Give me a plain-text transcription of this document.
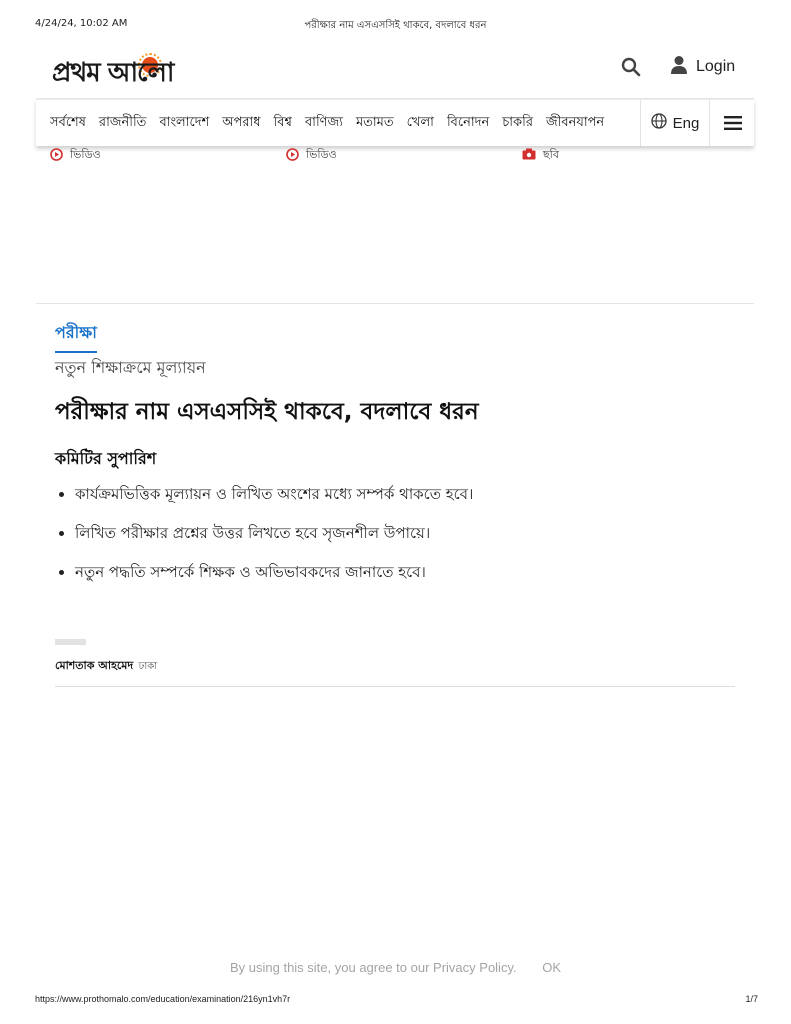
4/24/24, 10:02 AM	পরীক্ষার নাম এসএসসিই থাকবে, বদলাবে ধরন
প্রথম আলো	Login
সর্বশেষ রাজনীতি বাংলাদেশ অপরাধ বিশ্ব বাণিজ্য মতামত খেলা বিনোদন চাকরি জীবনযাপন	Eng
ভিডিও	ভিডিও	ছবি
পরীক্ষা
নতুন শিক্ষাক্রমে মূল্যায়ন
পরীক্ষার নাম এসএসসিই থাকবে, বদলাবে ধরন
কমিটির সুপারিশ
কার্যক্রমভিত্তিক মূল্যায়ন ও লিখিত অংশের মধ্যে সম্পর্ক থাকতে হবে।
লিখিত পরীক্ষার প্রশ্নের উত্তর লিখতে হবে সৃজনশীল উপায়ে।
নতুন পদ্ধতি সম্পর্কে শিক্ষক ও অভিভাবকদের জানাতে হবে।
মোশতাক আহমেদ ঢাকা
By using this site, you agree to our Privacy Policy. OK
https://www.prothomalo.com/education/examination/216yn1vh7r	1/7
